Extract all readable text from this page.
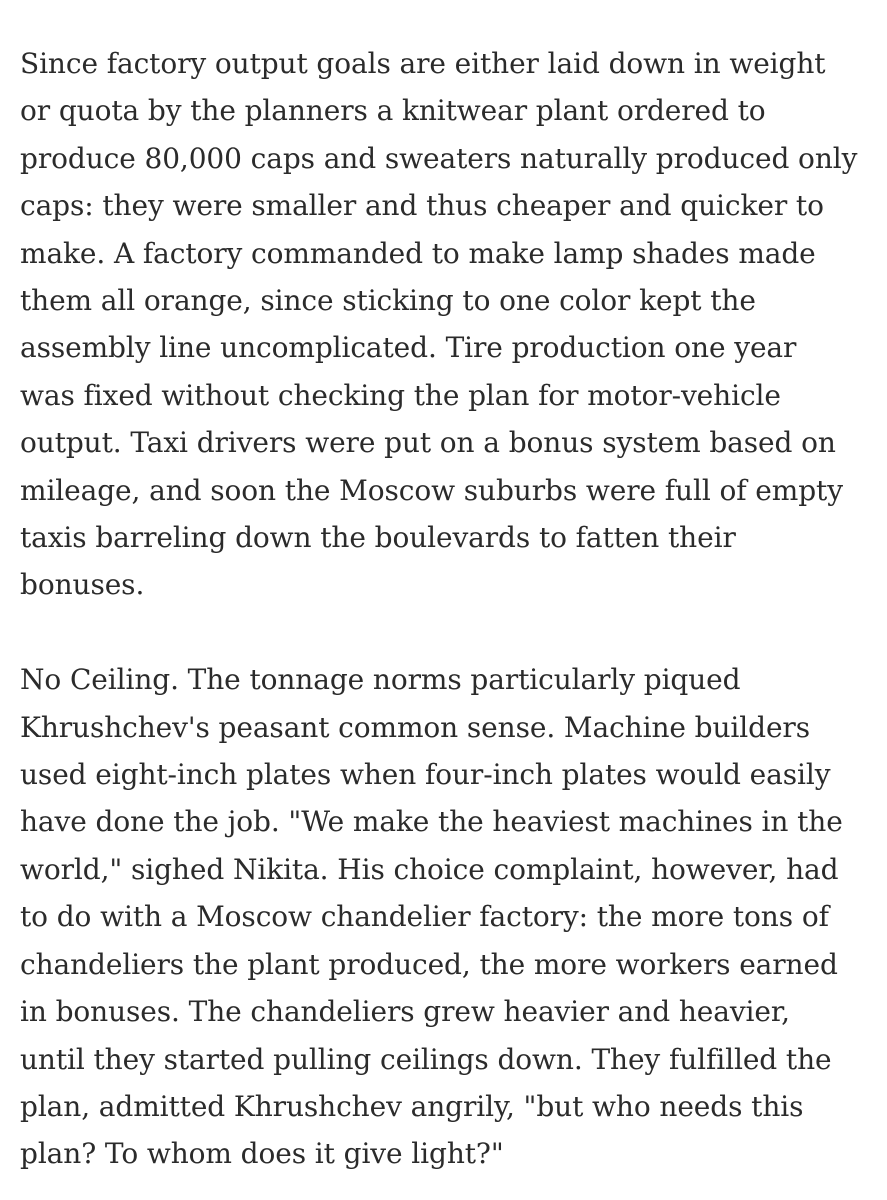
Since factory output goals are either laid down in weight
or quota by the planners a knitwear plant ordered to
produce 80,000 caps and sweaters naturally produced only
caps: they were smaller and thus cheaper and quicker to
make. A factory commanded to make lamp shades made
them all orange, since sticking to one color kept the
assembly line uncomplicated. Tire production one year
was fixed without checking the plan for motor-vehicle
output. Taxi drivers were put on a bonus system based on
mileage, and soon the Moscow suburbs were full of empty
taxis barreling down the boulevards to fatten their
bonuses.

No Ceiling. The tonnage norms particularly piqued
Khrushchev's peasant common sense. Machine builders
used eight-inch plates when four-inch plates would easily
have done the job. "We make the heaviest machines in the
world," sighed Nikita. His choice complaint, however, had
to do with a Moscow chandelier factory: the more tons of
chandeliers the plant produced, the more workers earned
in bonuses. The chandeliers grew heavier and heavier,
until they started pulling ceilings down. They fulfilled the
plan, admitted Khrushchev angrily, "but who needs this
plan? To whom does it give light?"
